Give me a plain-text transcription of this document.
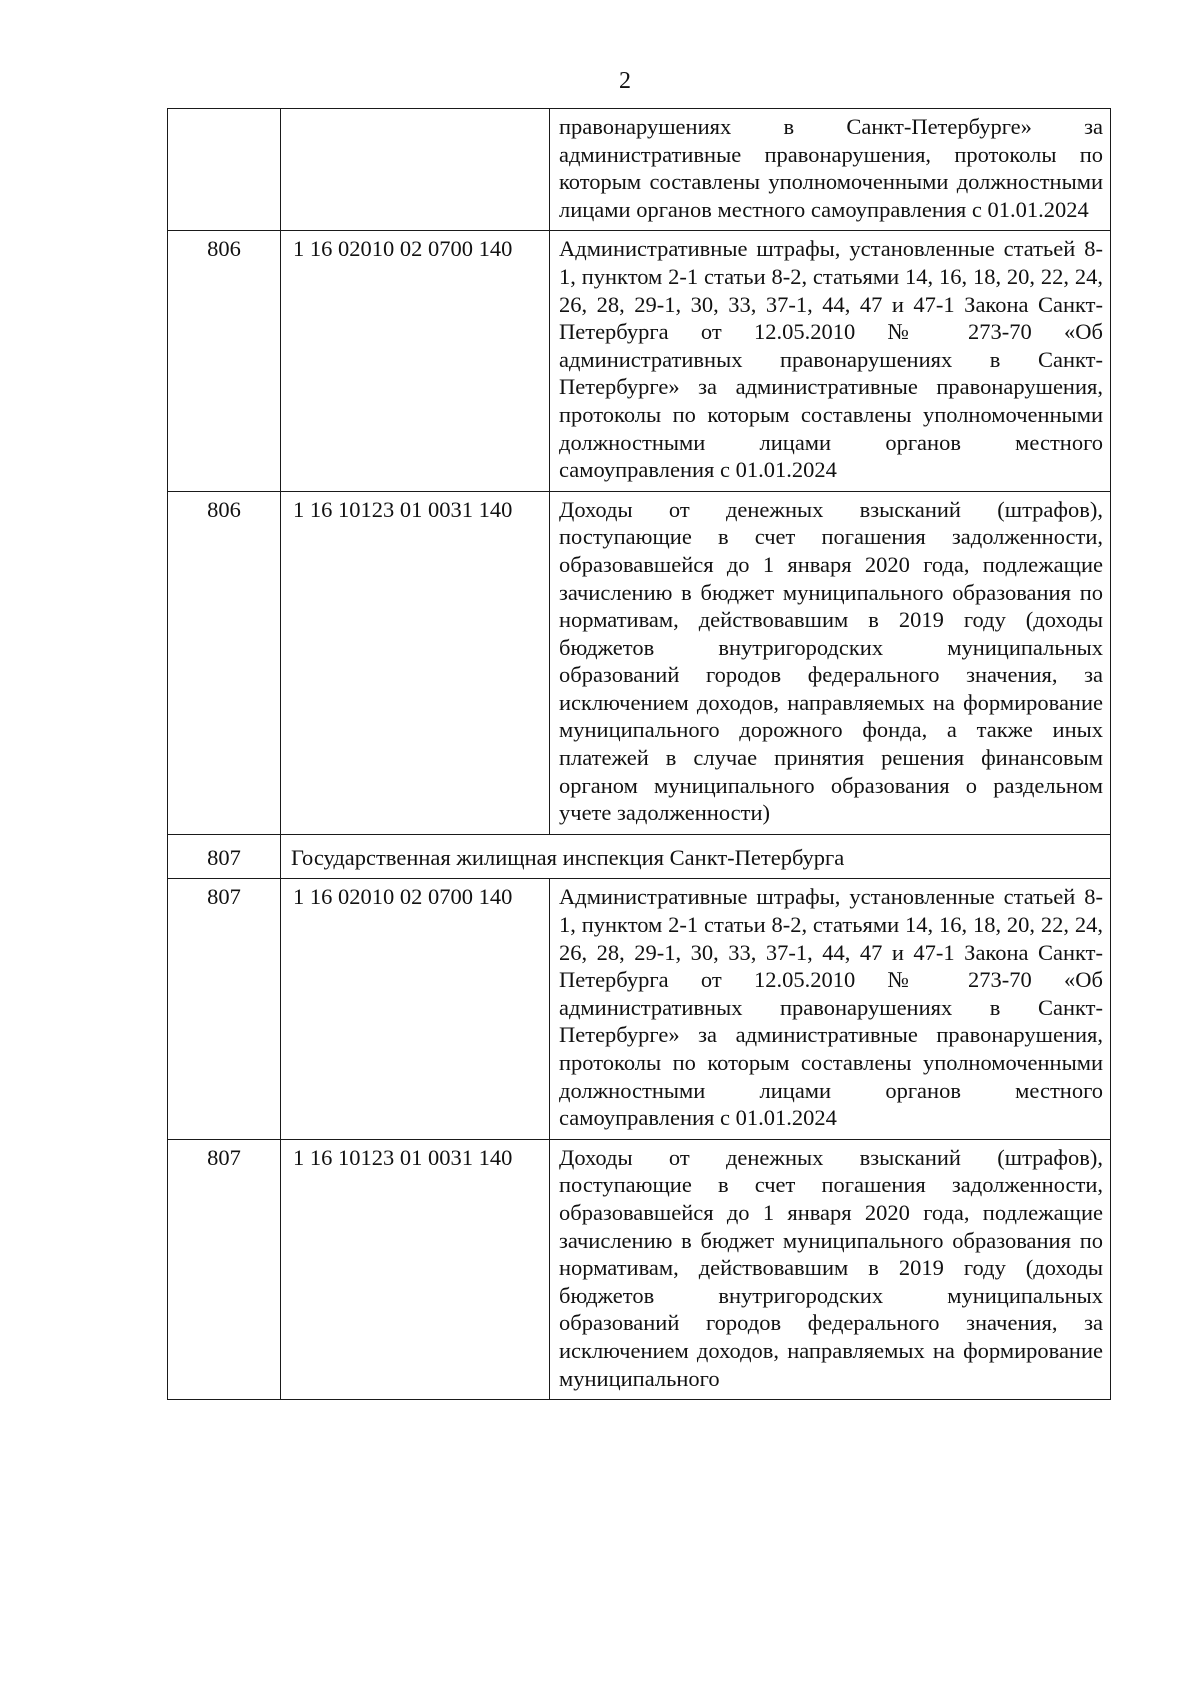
2
		правонарушениях в Санкт-Петербурге» за административные правонарушения, протоколы по которым составлены уполномоченными должностными лицами органов местного самоуправления с 01.01.2024
806	1 16 02010 02 0700 140	Административные штрафы, установленные статьей 8-1, пунктом 2-1 статьи 8-2, статьями 14, 16, 18, 20, 22, 24, 26, 28, 29-1, 30, 33, 37-1, 44, 47 и 47-1 Закона Санкт-Петербурга от 12.05.2010 № 273-70 «Об административных правонарушениях в Санкт-Петербурге» за административные правонарушения, протоколы по которым составлены уполномоченными должностными лицами органов местного самоуправления с 01.01.2024
806	1 16 10123 01 0031 140	Доходы от денежных взысканий (штрафов), поступающие в счет погашения задолженности, образовавшейся до 1 января 2020 года, подлежащие зачислению в бюджет муниципального образования по нормативам, действовавшим в 2019 году (доходы бюджетов внутригородских муниципальных образований городов федерального значения, за исключением доходов, направляемых на формирование муниципального дорожного фонда, а также иных платежей в случае принятия решения финансовым органом муниципального образования о раздельном учете задолженности)
807	Государственная жилищная инспекция Санкт-Петербурга	
807	1 16 02010 02 0700 140	Административные штрафы, установленные статьей 8-1, пунктом 2-1 статьи 8-2, статьями 14, 16, 18, 20, 22, 24, 26, 28, 29-1, 30, 33, 37-1, 44, 47 и 47-1 Закона Санкт-Петербурга от 12.05.2010 № 273-70 «Об административных правонарушениях в Санкт-Петербурге» за административные правонарушения, протоколы по которым составлены уполномоченными должностными лицами органов местного самоуправления с 01.01.2024
807	1 16 10123 01 0031 140	Доходы от денежных взысканий (штрафов), поступающие в счет погашения задолженности, образовавшейся до 1 января 2020 года, подлежащие зачислению в бюджет муниципального образования по нормативам, действовавшим в 2019 году (доходы бюджетов внутригородских муниципальных образований городов федерального значения, за исключением доходов, направляемых на формирование муниципального
